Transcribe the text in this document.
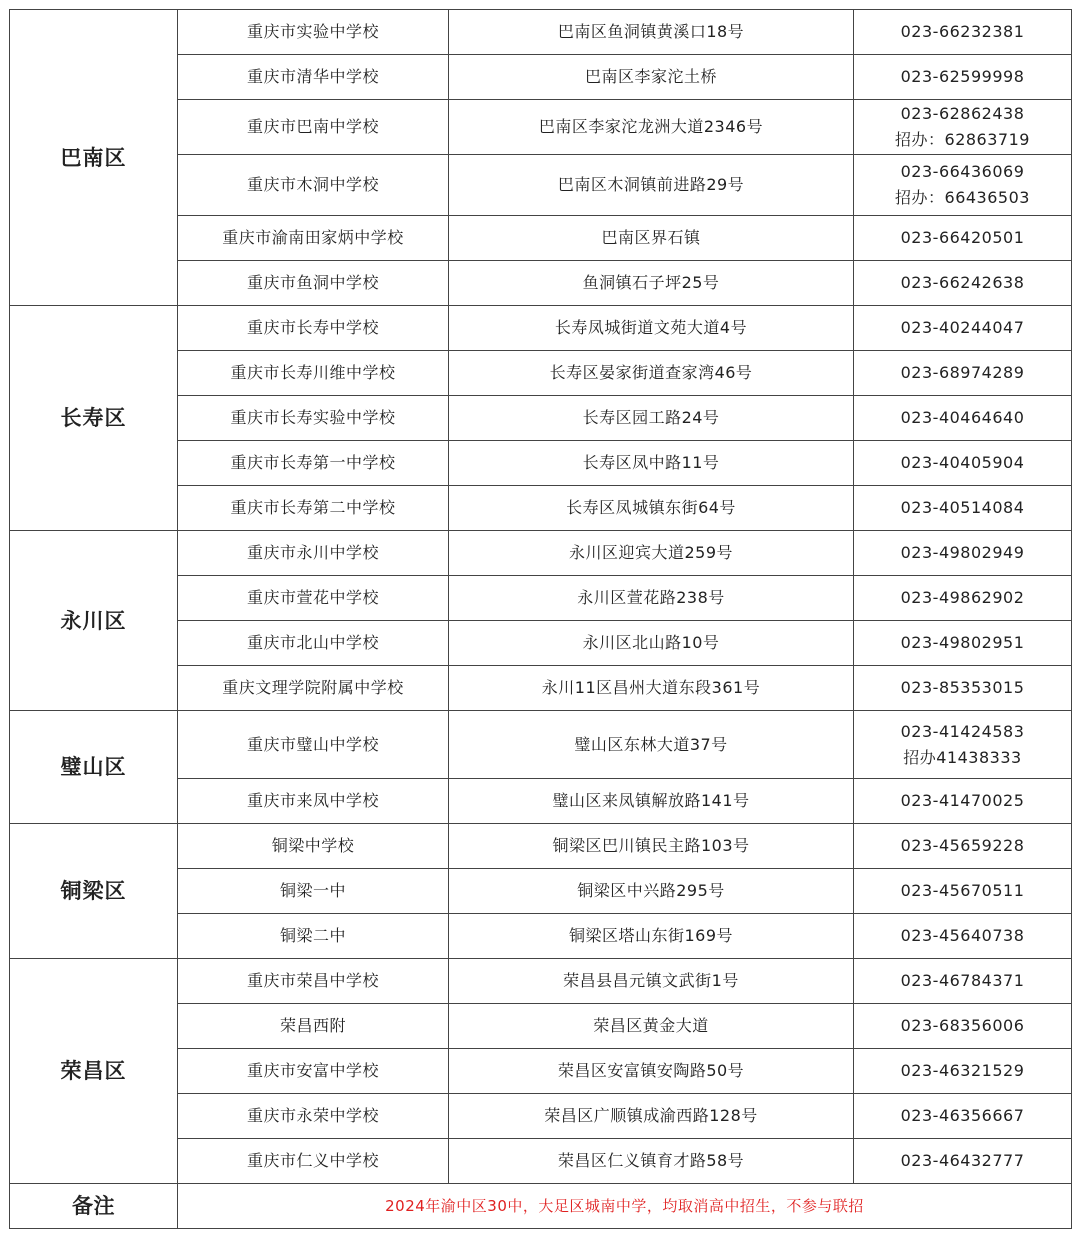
巴南区	重庆市实验中学校	巴南区鱼洞镇黄溪口18号	023-66232381

	重庆市清华中学校	巴南区李家沱土桥	023-62599998

	重庆市巴南中学校	巴南区李家沱龙洲大道2346号	023-62862438
招办：62863719

	重庆市木洞中学校	巴南区木洞镇前进路29号	023-66436069
招办：66436503

	重庆市渝南田家炳中学校	巴南区界石镇	023-66420501

	重庆市鱼洞中学校	鱼洞镇石子坪25号	023-66242638

长寿区	重庆市长寿中学校	长寿凤城街道文苑大道4号	023-40244047

	重庆市长寿川维中学校	长寿区晏家街道查家湾46号	023-68974289

	重庆市长寿实验中学校	长寿区园工路24号	023-40464640

	重庆市长寿第一中学校	长寿区凤中路11号	023-40405904

	重庆市长寿第二中学校	长寿区凤城镇东街64号	023-40514084

永川区	重庆市永川中学校	永川区迎宾大道259号	023-49802949

	重庆市萱花中学校	永川区萱花路238号	023-49862902

	重庆市北山中学校	永川区北山路10号	023-49802951

	重庆文理学院附属中学校	永川11区昌州大道东段361号	023-85353015

璧山区	重庆市璧山中学校	璧山区东林大道37号	023-41424583
招办41438333

	重庆市来凤中学校	璧山区来凤镇解放路141号	023-41470025

铜梁区	铜梁中学校	铜梁区巴川镇民主路103号	023-45659228

	铜梁一中	铜梁区中兴路295号	023-45670511

	铜梁二中	铜梁区塔山东街169号	023-45640738

荣昌区	重庆市荣昌中学校	荣昌县昌元镇文武街1号	023-46784371

	荣昌西附	荣昌区黄金大道	023-68356006

	重庆市安富中学校	荣昌区安富镇安陶路50号	023-46321529

	重庆市永荣中学校	荣昌区广顺镇成渝西路128号	023-46356667

	重庆市仁义中学校	荣昌区仁义镇育才路58号	023-46432777

备注	2024年渝中区30中，大足区城南中学，均取消高中招生，不参与联招		
